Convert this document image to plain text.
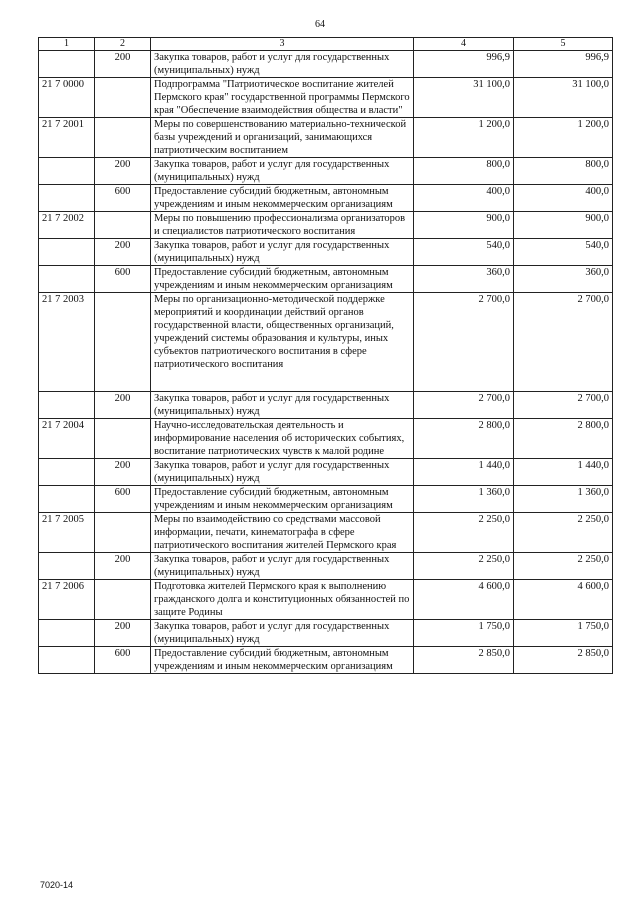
64
1	2	3	4	5
	200	Закупка товаров, работ и услуг для государственных (муниципальных) нужд	996,9	996,9
21 7 0000		Подпрограмма "Патриотическое воспитание жителей Пермского края" государственной программы Пермского края "Обеспечение взаимодействия общества и власти"	31 100,0	31 100,0
21 7 2001		Меры по совершенствованию материально-технической базы учреждений и организаций, занимающихся патриотическим воспитанием	1 200,0	1 200,0
	200	Закупка товаров, работ и услуг для государственных (муниципальных) нужд	800,0	800,0
	600	Предоставление субсидий бюджетным, автономным учреждениям и иным некоммерческим организациям	400,0	400,0
21 7 2002		Меры по повышению профессионализма организаторов и специалистов патриотического воспитания	900,0	900,0
	200	Закупка товаров, работ и услуг для государственных (муниципальных) нужд	540,0	540,0
	600	Предоставление субсидий бюджетным, автономным учреждениям и иным некоммерческим организациям	360,0	360,0
21 7 2003		Меры по организационно-методической поддержке мероприятий и координации действий органов государственной власти, общественных организаций, учреждений системы образования и культуры, иных субъектов патриотического воспитания в сфере патриотического воспитания	2 700,0	2 700,0
	200	Закупка товаров, работ и услуг для государственных (муниципальных) нужд	2 700,0	2 700,0
21 7 2004		Научно-исследовательская деятельность и информирование населения об исторических событиях, воспитание патриотических чувств к малой родине	2 800,0	2 800,0
	200	Закупка товаров, работ и услуг для государственных (муниципальных) нужд	1 440,0	1 440,0
	600	Предоставление субсидий бюджетным, автономным учреждениям и иным некоммерческим организациям	1 360,0	1 360,0
21 7 2005		Меры по взаимодействию со средствами массовой информации, печати, кинематографа в сфере патриотического воспитания жителей Пермского края	2 250,0	2 250,0
	200	Закупка товаров, работ и услуг для государственных (муниципальных) нужд	2 250,0	2 250,0
21 7 2006		Подготовка жителей Пермского края к выполнению гражданского долга и конституционных обязанностей по защите Родины	4 600,0	4 600,0
	200	Закупка товаров, работ и услуг для государственных (муниципальных) нужд	1 750,0	1 750,0
	600	Предоставление субсидий бюджетным, автономным учреждениям и иным некоммерческим организациям	2 850,0	2 850,0
7020-14
